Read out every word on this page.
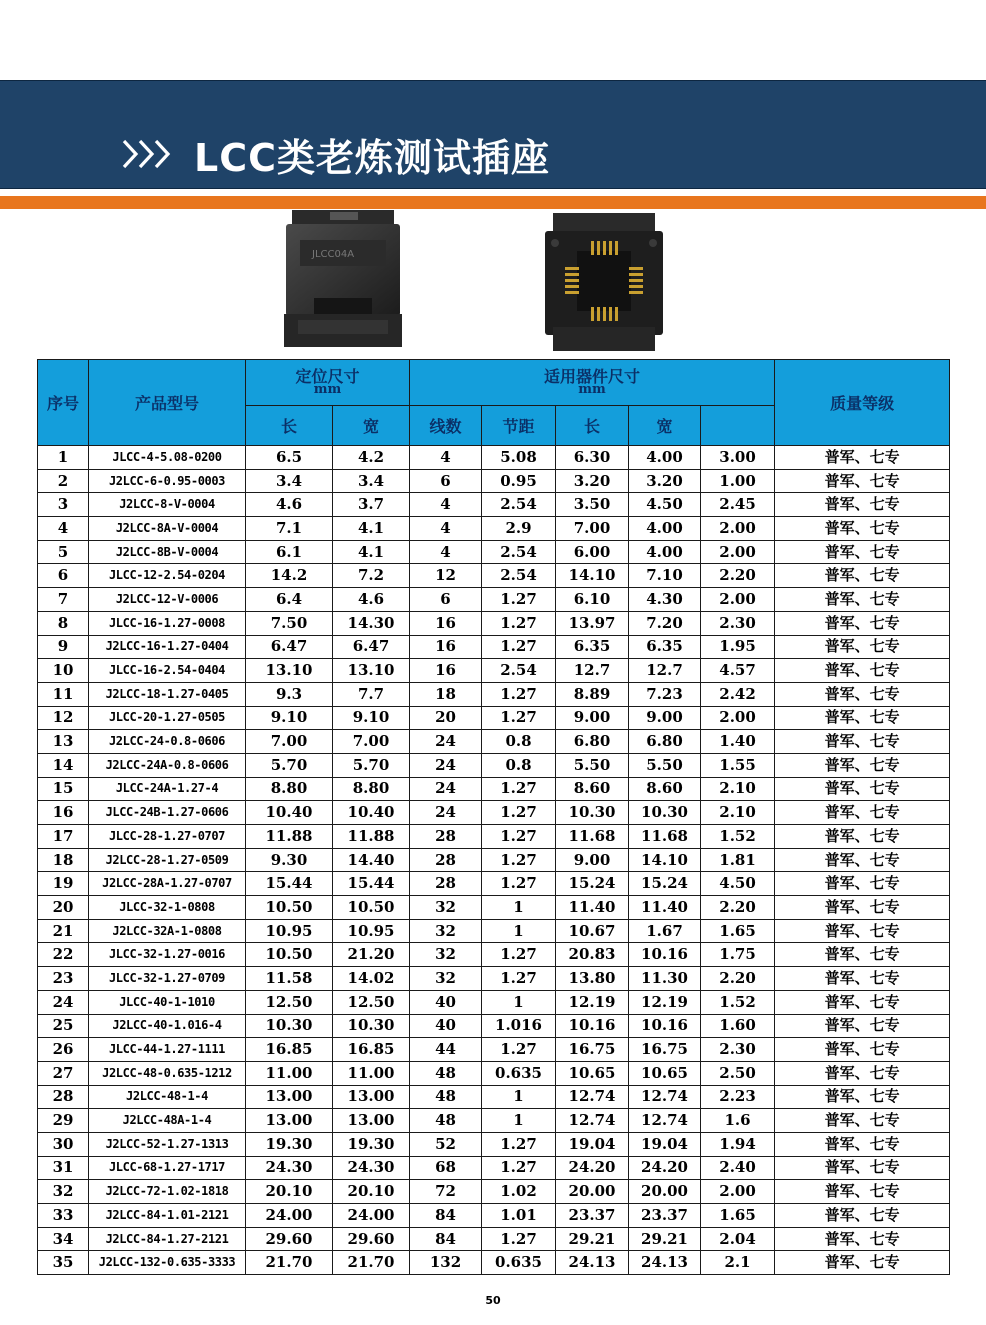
LCC类老炼测试插座
JLCC04A
序号	产品型号	定位尺寸
mm		适用器件尺寸
mm					质量等级
		长	宽	线数	节距	长	宽		
1	JLCC-4-5.08-0200	6.5	4.2	4	5.08	6.30	4.00	3.00	普军、七专
2	J2LCC-6-0.95-0003	3.4	3.4	6	0.95	3.20	3.20	1.00	普军、七专
3	J2LCC-8-V-0004	4.6	3.7	4	2.54	3.50	4.50	2.45	普军、七专
4	J2LCC-8A-V-0004	7.1	4.1	4	2.9	7.00	4.00	2.00	普军、七专
5	J2LCC-8B-V-0004	6.1	4.1	4	2.54	6.00	4.00	2.00	普军、七专
6	JLCC-12-2.54-0204	14.2	7.2	12	2.54	14.10	7.10	2.20	普军、七专
7	J2LCC-12-V-0006	6.4	4.6	6	1.27	6.10	4.30	2.00	普军、七专
8	JLCC-16-1.27-0008	7.50	14.30	16	1.27	13.97	7.20	2.30	普军、七专
9	J2LCC-16-1.27-0404	6.47	6.47	16	1.27	6.35	6.35	1.95	普军、七专
10	JLCC-16-2.54-0404	13.10	13.10	16	2.54	12.7	12.7	4.57	普军、七专
11	J2LCC-18-1.27-0405	9.3	7.7	18	1.27	8.89	7.23	2.42	普军、七专
12	JLCC-20-1.27-0505	9.10	9.10	20	1.27	9.00	9.00	2.00	普军、七专
13	J2LCC-24-0.8-0606	7.00	7.00	24	0.8	6.80	6.80	1.40	普军、七专
14	J2LCC-24A-0.8-0606	5.70	5.70	24	0.8	5.50	5.50	1.55	普军、七专
15	JLCC-24A-1.27-4	8.80	8.80	24	1.27	8.60	8.60	2.10	普军、七专
16	JLCC-24B-1.27-0606	10.40	10.40	24	1.27	10.30	10.30	2.10	普军、七专
17	JLCC-28-1.27-0707	11.88	11.88	28	1.27	11.68	11.68	1.52	普军、七专
18	J2LCC-28-1.27-0509	9.30	14.40	28	1.27	9.00	14.10	1.81	普军、七专
19	J2LCC-28A-1.27-0707	15.44	15.44	28	1.27	15.24	15.24	4.50	普军、七专
20	JLCC-32-1-0808	10.50	10.50	32	1	11.40	11.40	2.20	普军、七专
21	J2LCC-32A-1-0808	10.95	10.95	32	1	10.67	1.67	1.65	普军、七专
22	JLCC-32-1.27-0016	10.50	21.20	32	1.27	20.83	10.16	1.75	普军、七专
23	JLCC-32-1.27-0709	11.58	14.02	32	1.27	13.80	11.30	2.20	普军、七专
24	JLCC-40-1-1010	12.50	12.50	40	1	12.19	12.19	1.52	普军、七专
25	J2LCC-40-1.016-4	10.30	10.30	40	1.016	10.16	10.16	1.60	普军、七专
26	JLCC-44-1.27-1111	16.85	16.85	44	1.27	16.75	16.75	2.30	普军、七专
27	J2LCC-48-0.635-1212	11.00	11.00	48	0.635	10.65	10.65	2.50	普军、七专
28	J2LCC-48-1-4	13.00	13.00	48	1	12.74	12.74	2.23	普军、七专
29	J2LCC-48A-1-4	13.00	13.00	48	1	12.74	12.74	1.6	普军、七专
30	J2LCC-52-1.27-1313	19.30	19.30	52	1.27	19.04	19.04	1.94	普军、七专
31	JLCC-68-1.27-1717	24.30	24.30	68	1.27	24.20	24.20	2.40	普军、七专
32	J2LCC-72-1.02-1818	20.10	20.10	72	1.02	20.00	20.00	2.00	普军、七专
33	J2LCC-84-1.01-2121	24.00	24.00	84	1.01	23.37	23.37	1.65	普军、七专
34	J2LCC-84-1.27-2121	29.60	29.60	84	1.27	29.21	29.21	2.04	普军、七专
35	J2LCC-132-0.635-3333	21.70	21.70	132	0.635	24.13	24.13	2.1	普军、七专
50
